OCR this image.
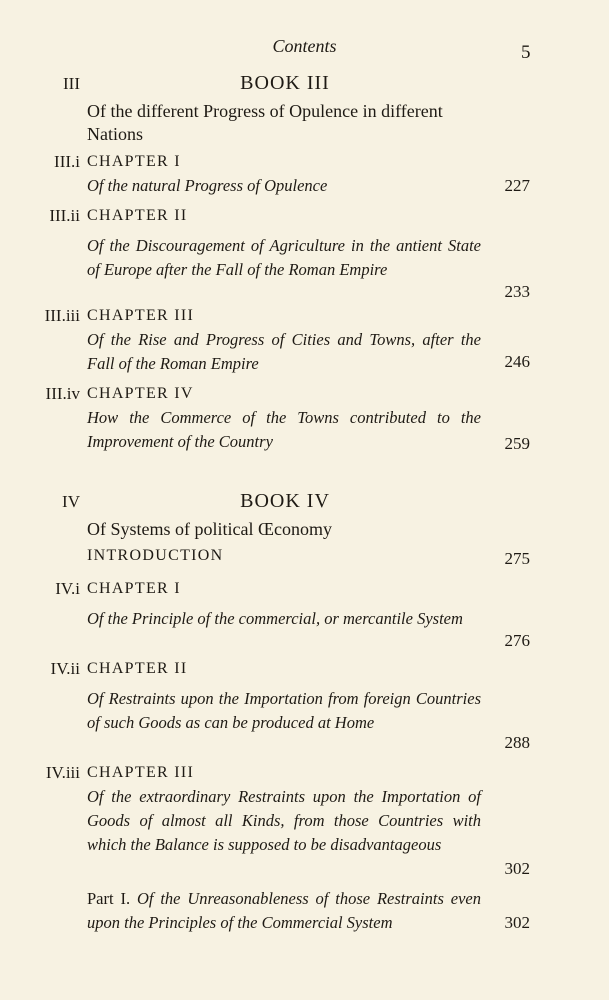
Contents	5
III	BOOK III
Of the different Progress of Opulence in different Nations
III.i CHAPTER I
Of the natural Progress of Opulence	227
III.ii CHAPTER II
Of the Discouragement of Agriculture in the antient State of Europe after the Fall of the Roman Empire
233
III.iii CHAPTER III
Of the Rise and Progress of Cities and Towns, after the Fall of the Roman Empire	246
III.iv CHAPTER IV
How the Commerce of the Towns contributed to the Improvement of the Country	259
IV	BOOK IV
Of Systems of political Œconomy
INTRODUCTION	275
IV.i CHAPTER I
Of the Principle of the commercial, or mercantile System
276
IV.ii CHAPTER II
Of Restraints upon the Importation from foreign Countries of such Goods as can be produced at Home
288
IV.iii CHAPTER III
Of the extraordinary Restraints upon the Importation of Goods of almost all Kinds, from those Countries with which the Balance is supposed to be disadvantageous
302
Part I. Of the Unreasonableness of those Restraints even upon the Principles of the Commercial System	302
